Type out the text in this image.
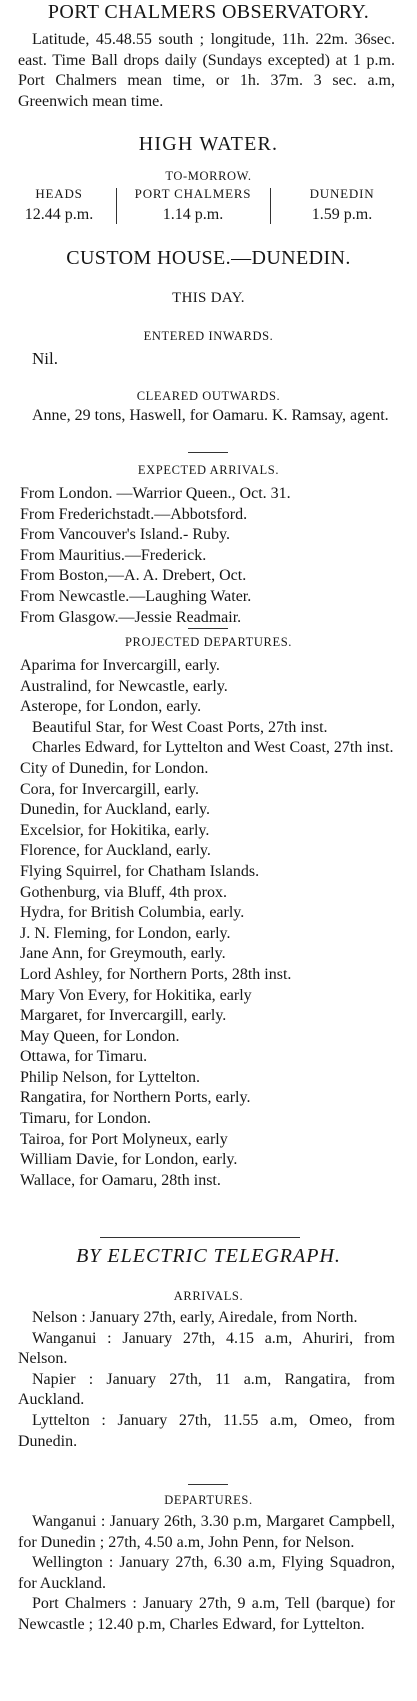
PORT CHALMERS OBSERVATORY.

Latitude, 45.48.55 south ; longitude, 11h. 22m. 36sec. east. Time Ball drops daily (Sundays excepted) at 1 p.m. Port Chalmers mean time, or 1h. 37m. 3 sec. a.m, Greenwich mean time.

HIGH WATER.
TO-MORROW.
HEADS
12.44 p.m.
PORT CHALMERS
1.14 p.m.
DUNEDIN
1.59 p.m.
CUSTOM HOUSE.—DUNEDIN.
THIS DAY.
ENTERED INWARDS.

Nil.

CLEARED OUTWARDS.

Anne, 29 tons, Haswell, for Oamaru. K. Ramsay, agent.

EXPECTED ARRIVALS.
From London. —Warrior Queen., Oct. 31.
From Frederichstadt.—Abbotsford.
From Vancouver's Island.- Ruby.
From Mauritius.—Frederick.
From Boston,—A. A. Drebert, Oct.
From Newcastle.—Laughing Water.
From Glasgow.—Jessie Readmair.
PROJECTED DEPARTURES.
Aparima for Invercargill, early.
Australind, for Newcastle, early.
Asterope, for London, early.

Beautiful Star, for West Coast Ports, 27th inst.

Charles Edward, for Lyttelton and West Coast, 27th inst.

City of Dunedin, for London.
Cora, for Invercargill, early.
Dunedin, for Auckland, early.
Excelsior, for Hokitika, early.
Florence, for Auckland, early.
Flying Squirrel, for Chatham Islands.
Gothenburg, via Bluff, 4th prox.
Hydra, for British Columbia, early.
J. N. Fleming, for London, early.
Jane Ann, for Greymouth, early.
Lord Ashley, for Northern Ports, 28th inst.
Mary Von Every, for Hokitika, early
Margaret, for Invercargill, early.
May Queen, for London.
Ottawa, for Timaru.
Philip Nelson, for Lyttelton.
Rangatira, for Northern Ports, early.
Timaru, for London.
Tairoa, for Port Molyneux, early
William Davie, for London, early.
Wallace, for Oamaru, 28th inst.
BY ELECTRIC TELEGRAPH.
ARRIVALS.

Nelson : January 27th, early, Airedale, from North.

Wanganui : January 27th, 4.15 a.m, Ahuriri, from Nelson.

Napier : January 27th, 11 a.m, Rangatira, from Auckland.

Lyttelton : January 27th, 11.55 a.m, Omeo, from Dunedin.

DEPARTURES.

Wanganui : January 26th, 3.30 p.m, Margaret Campbell, for Dunedin ; 27th, 4.50 a.m, John Penn, for Nelson.

Wellington : January 27th, 6.30 a.m, Flying Squadron, for Auckland.

Port Chalmers : January 27th, 9 a.m, Tell (barque) for Newcastle ; 12.40 p.m, Charles Edward, for Lyttelton.
